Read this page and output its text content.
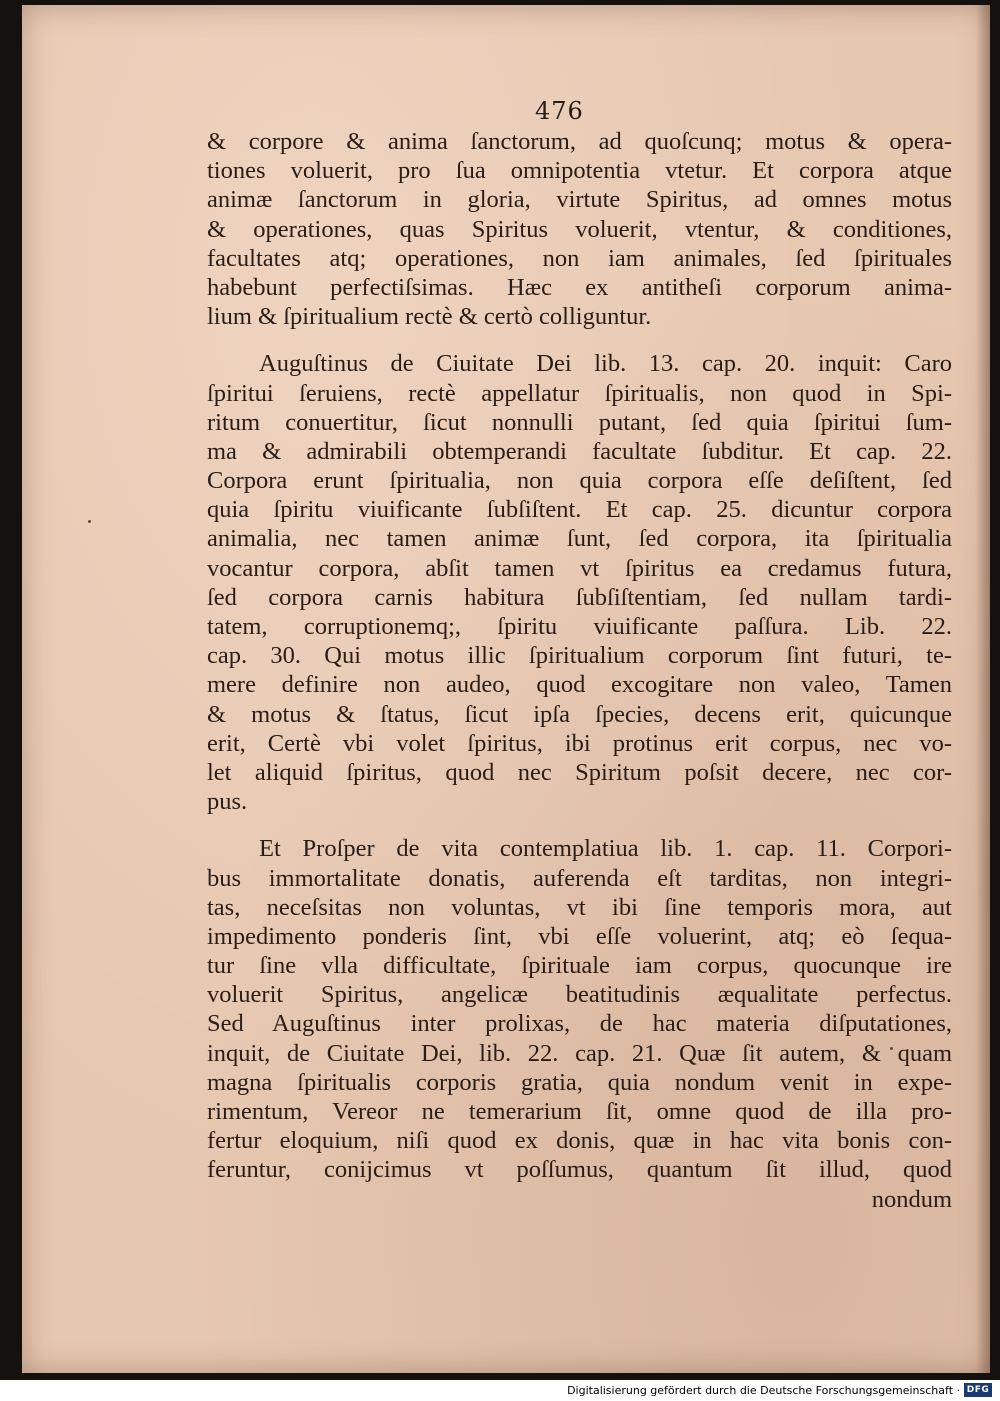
476
& corpore & anima ſanctorum, ad quoſcunq; motus & opera-
tiones voluerit, pro ſua omnipotentia vtetur. Et corpora atque
animæ ſanctorum in gloria, virtute Spiritus, ad omnes motus
& operationes, quas Spiritus voluerit, vtentur, & conditiones,
facultates atq; operationes, non iam animales, ſed ſpirituales
habebunt perfectiſsimas. Hæc ex antitheſi corporum anima-
lium & ſpiritualium rectè & certò colliguntur.
Auguſtinus de Ciuitate Dei lib. 13. cap. 20. inquit: Caro
ſpiritui ſeruiens, rectè appellatur ſpiritualis, non quod in Spi-
ritum conuertitur, ſicut nonnulli putant, ſed quia ſpiritui ſum-
ma & admirabili obtemperandi facultate ſubditur. Et cap. 22.
Corpora erunt ſpiritualia, non quia corpora eſſe deſiſtent, ſed
quia ſpiritu viuificante ſubſiſtent. Et cap. 25. dicuntur corpora
animalia, nec tamen animæ ſunt, ſed corpora, ita ſpiritualia
vocantur corpora, abſit tamen vt ſpiritus ea credamus futura,
ſed corpora carnis habitura ſubſiſtentiam, ſed nullam tardi-
tatem, corruptionemq;, ſpiritu viuificante paſſura. Lib. 22.
cap. 30. Qui motus illic ſpiritualium corporum ſint futuri, te-
mere definire non audeo, quod excogitare non valeo, Tamen
& motus & ſtatus, ſicut ipſa ſpecies, decens erit, quicunque
erit, Certè vbi volet ſpiritus, ibi protinus erit corpus, nec vo-
let aliquid ſpiritus, quod nec Spiritum poſsit decere, nec cor-
pus.
Et Proſper de vita contemplatiua lib. 1. cap. 11. Corpori-
bus immortalitate donatis, auferenda eſt tarditas, non integri-
tas, neceſsitas non voluntas, vt ibi ſine temporis mora, aut
impedimento ponderis ſint, vbi eſſe voluerint, atq; eò ſequa-
tur ſine vlla difficultate, ſpirituale iam corpus, quocunque ire
voluerit Spiritus, angelicæ beatitudinis æqualitate perfectus.
Sed Auguſtinus inter prolixas, de hac materia diſputationes,
inquit, de Ciuitate Dei, lib. 22. cap. 21. Quæ ſit autem, & quam
magna ſpiritualis corporis gratia, quia nondum venit in expe-
rimentum, Vereor ne temerarium ſit, omne quod de illa pro-
fertur eloquium, niſi quod ex donis, quæ in hac vita bonis con-
feruntur, conijcimus vt poſſumus, quantum ſit illud, quod
nondum
Digitalisierung gefördert durch die Deutsche Forschungsgemeinschaft · DFG
